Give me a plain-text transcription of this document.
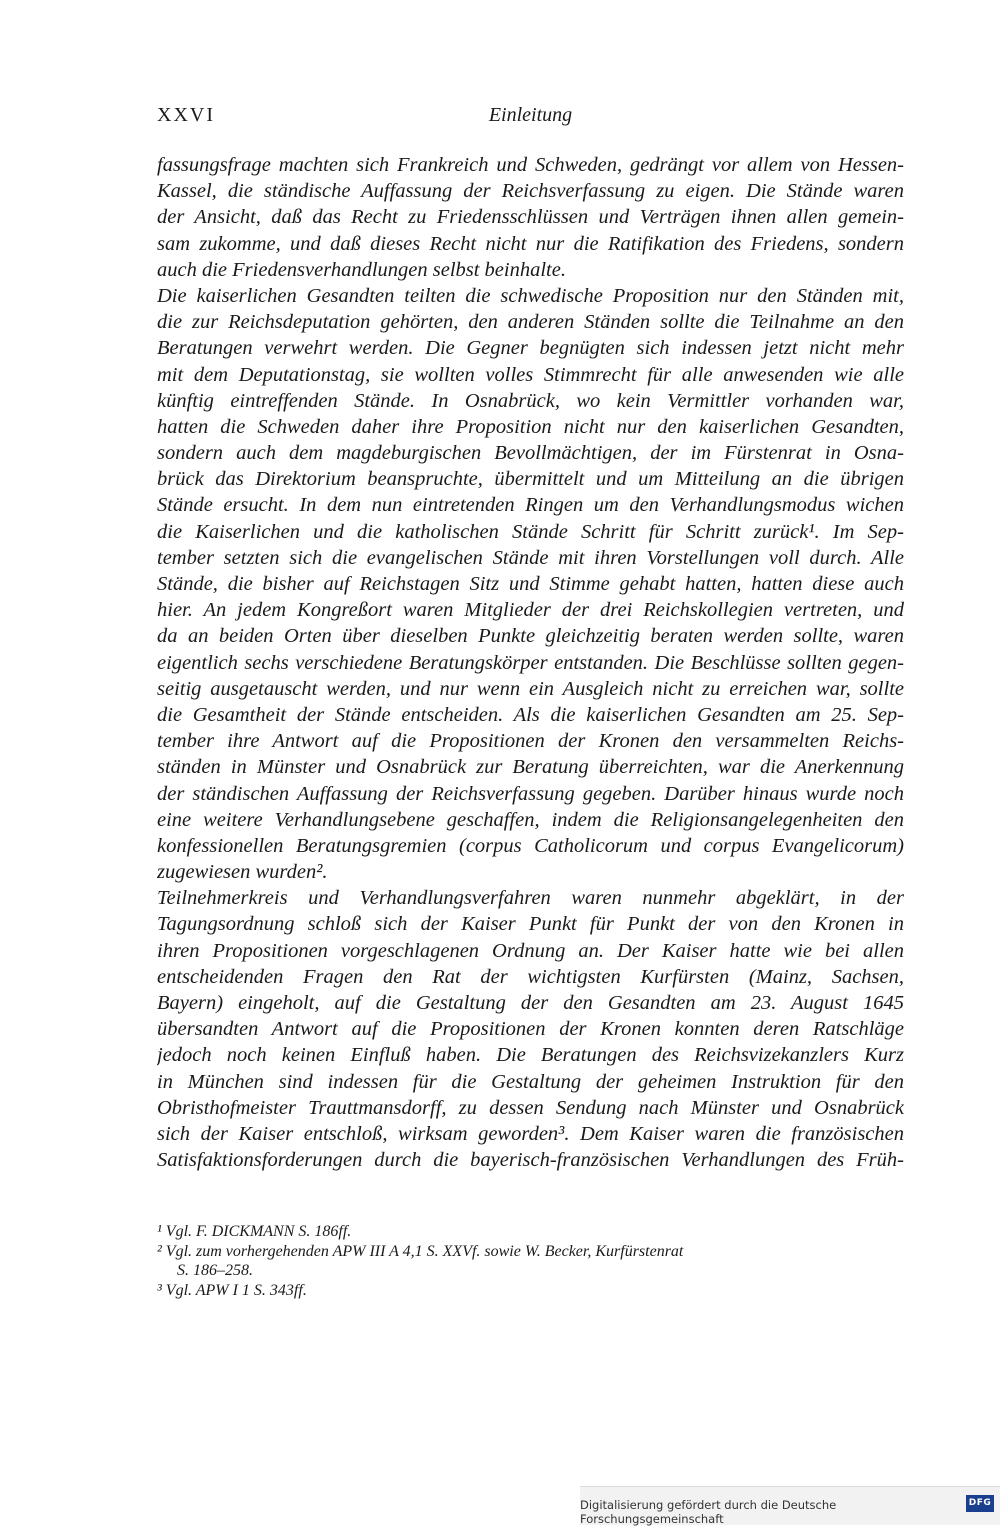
XXVI	Einleitung
fassungsfrage machten sich Frankreich und Schweden, gedrängt vor allem von Hessen-
Kassel, die ständische Auffassung der Reichsverfassung zu eigen. Die Stände waren
der Ansicht, daß das Recht zu Friedensschlüssen und Verträgen ihnen allen gemein-
sam zukomme, und daß dieses Recht nicht nur die Ratifikation des Friedens, sondern
auch die Friedensverhandlungen selbst beinhalte.
Die kaiserlichen Gesandten teilten die schwedische Proposition nur den Ständen mit,
die zur Reichsdeputation gehörten, den anderen Ständen sollte die Teilnahme an den
Beratungen verwehrt werden. Die Gegner begnügten sich indessen jetzt nicht mehr
mit dem Deputationstag, sie wollten volles Stimmrecht für alle anwesenden wie alle
künftig eintreffenden Stände. In Osnabrück, wo kein Vermittler vorhanden war,
hatten die Schweden daher ihre Proposition nicht nur den kaiserlichen Gesandten,
sondern auch dem magdeburgischen Bevollmächtigen, der im Fürstenrat in Osna-
brück das Direktorium beanspruchte, übermittelt und um Mitteilung an die übrigen
Stände ersucht. In dem nun eintretenden Ringen um den Verhandlungsmodus wichen
die Kaiserlichen und die katholischen Stände Schritt für Schritt zurück¹. Im Sep-
tember setzten sich die evangelischen Stände mit ihren Vorstellungen voll durch. Alle
Stände, die bisher auf Reichstagen Sitz und Stimme gehabt hatten, hatten diese auch
hier. An jedem Kongreßort waren Mitglieder der drei Reichskollegien vertreten, und
da an beiden Orten über dieselben Punkte gleichzeitig beraten werden sollte, waren
eigentlich sechs verschiedene Beratungskörper entstanden. Die Beschlüsse sollten gegen-
seitig ausgetauscht werden, und nur wenn ein Ausgleich nicht zu erreichen war, sollte
die Gesamtheit der Stände entscheiden. Als die kaiserlichen Gesandten am 25. Sep-
tember ihre Antwort auf die Propositionen der Kronen den versammelten Reichs-
ständen in Münster und Osnabrück zur Beratung überreichten, war die Anerkennung
der ständischen Auffassung der Reichsverfassung gegeben. Darüber hinaus wurde noch
eine weitere Verhandlungsebene geschaffen, indem die Religionsangelegenheiten den
konfessionellen Beratungsgremien (corpus Catholicorum und corpus Evangelicorum)
zugewiesen wurden².
Teilnehmerkreis und Verhandlungsverfahren waren nunmehr abgeklärt, in der
Tagungsordnung schloß sich der Kaiser Punkt für Punkt der von den Kronen in
ihren Propositionen vorgeschlagenen Ordnung an. Der Kaiser hatte wie bei allen
entscheidenden Fragen den Rat der wichtigsten Kurfürsten (Mainz, Sachsen,
Bayern) eingeholt, auf die Gestaltung der den Gesandten am 23. August 1645
übersandten Antwort auf die Propositionen der Kronen konnten deren Ratschläge
jedoch noch keinen Einfluß haben. Die Beratungen des Reichsvizekanzlers Kurz
in München sind indessen für die Gestaltung der geheimen Instruktion für den
Obristhofmeister Trauttmansdorff, zu dessen Sendung nach Münster und Osnabrück
sich der Kaiser entschloß, wirksam geworden³. Dem Kaiser waren die französischen
Satisfaktionsforderungen durch die bayerisch-französischen Verhandlungen des Früh-
¹ Vgl. F. DICKMANN S. 186ff.
² Vgl. zum vorhergehenden APW III A 4,1 S. XXVf. sowie W. Becker, Kurfürstenrat
S. 186–258.
³ Vgl. APW I 1 S. 343ff.
Digitalisierung gefördert durch die Deutsche Forschungsgemeinschaft
DFG
